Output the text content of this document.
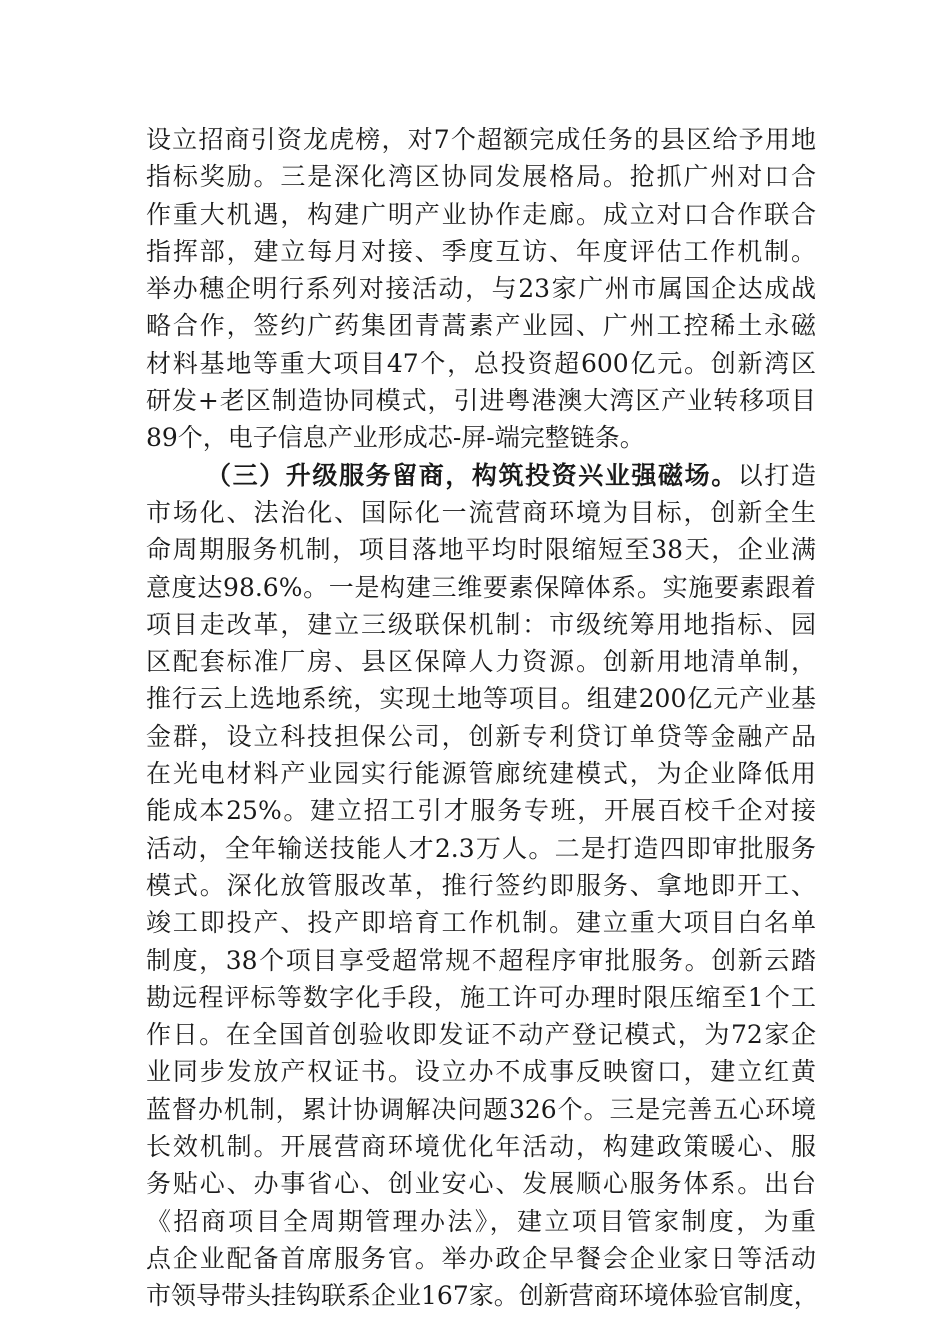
设立招商引资龙虎榜，对7个超额完成任务的县区给予用地
指标奖励。三是深化湾区协同发展格局。抢抓广州对口合
作重大机遇，构建广明产业协作走廊。成立对口合作联合
指挥部，建立每月对接、季度互访、年度评估工作机制。
举办穗企明行系列对接活动，与23家广州市属国企达成战
略合作，签约广药集团青蒿素产业园、广州工控稀土永磁
材料基地等重大项目47个，总投资超600亿元。创新湾区
研发+老区制造协同模式，引进粤港澳大湾区产业转移项目
89个，电子信息产业形成芯-屏-端完整链条。
（三）升级服务留商，构筑投资兴业强磁场。以打造
市场化、法治化、国际化一流营商环境为目标，创新全生
命周期服务机制，项目落地平均时限缩短至38天，企业满
意度达98.6%。一是构建三维要素保障体系。实施要素跟着
项目走改革，建立三级联保机制：市级统筹用地指标、园
区配套标准厂房、县区保障人力资源。创新用地清单制，
推行云上选地系统，实现土地等项目。组建200亿元产业基
金群，设立科技担保公司，创新专利贷订单贷等金融产品
在光电材料产业园实行能源管廊统建模式，为企业降低用
能成本25%。建立招工引才服务专班，开展百校千企对接
活动，全年输送技能人才2.3万人。二是打造四即审批服务
模式。深化放管服改革，推行签约即服务、拿地即开工、
竣工即投产、投产即培育工作机制。建立重大项目白名单
制度，38个项目享受超常规不超程序审批服务。创新云踏
勘远程评标等数字化手段，施工许可办理时限压缩至1个工
作日。在全国首创验收即发证不动产登记模式，为72家企
业同步发放产权证书。设立办不成事反映窗口，建立红黄
蓝督办机制，累计协调解决问题326个。三是完善五心环境
长效机制。开展营商环境优化年活动，构建政策暖心、服
务贴心、办事省心、创业安心、发展顺心服务体系。出台
《招商项目全周期管理办法》，建立项目管家制度，为重
点企业配备首席服务官。举办政企早餐会企业家日等活动
市领导带头挂钩联系企业167家。创新营商环境体验官制度，
